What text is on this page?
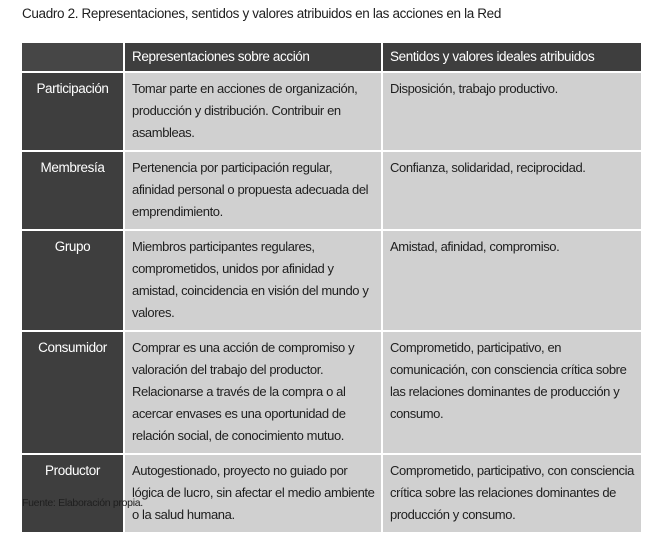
Cuadro 2. Representaciones, sentidos y valores atribuidos en las acciones en la Red
	Representaciones sobre acción	Sentidos y valores ideales atribuidos
Participación	Tomar parte en acciones de organización, producción y distribución. Contribuir en asambleas.	Disposición, trabajo productivo.
Membresía	Pertenencia por participación regular, afinidad personal o propuesta adecuada del emprendimiento.	Confianza, solidaridad, reciprocidad.
Grupo	Miembros participantes regulares, comprometidos, unidos por afinidad y amistad, coincidencia en visión del mundo y valores.	Amistad, afinidad, compromiso.
Consumidor	Comprar es una acción de compromiso y valoración del trabajo del productor. Relacionarse a través de la compra o al acercar envases es una oportunidad de relación social, de conocimiento mutuo.	Comprometido, participativo, en comunicación, con consciencia crítica sobre las relaciones dominantes de producción y consumo.
Productor	Autogestionado, proyecto no guiado por lógica de lucro, sin afectar el medio ambiente o la salud humana.	Comprometido, participativo, con consciencia crítica sobre las relaciones dominantes de producción y consumo.
Fuente: Elaboración propia.
